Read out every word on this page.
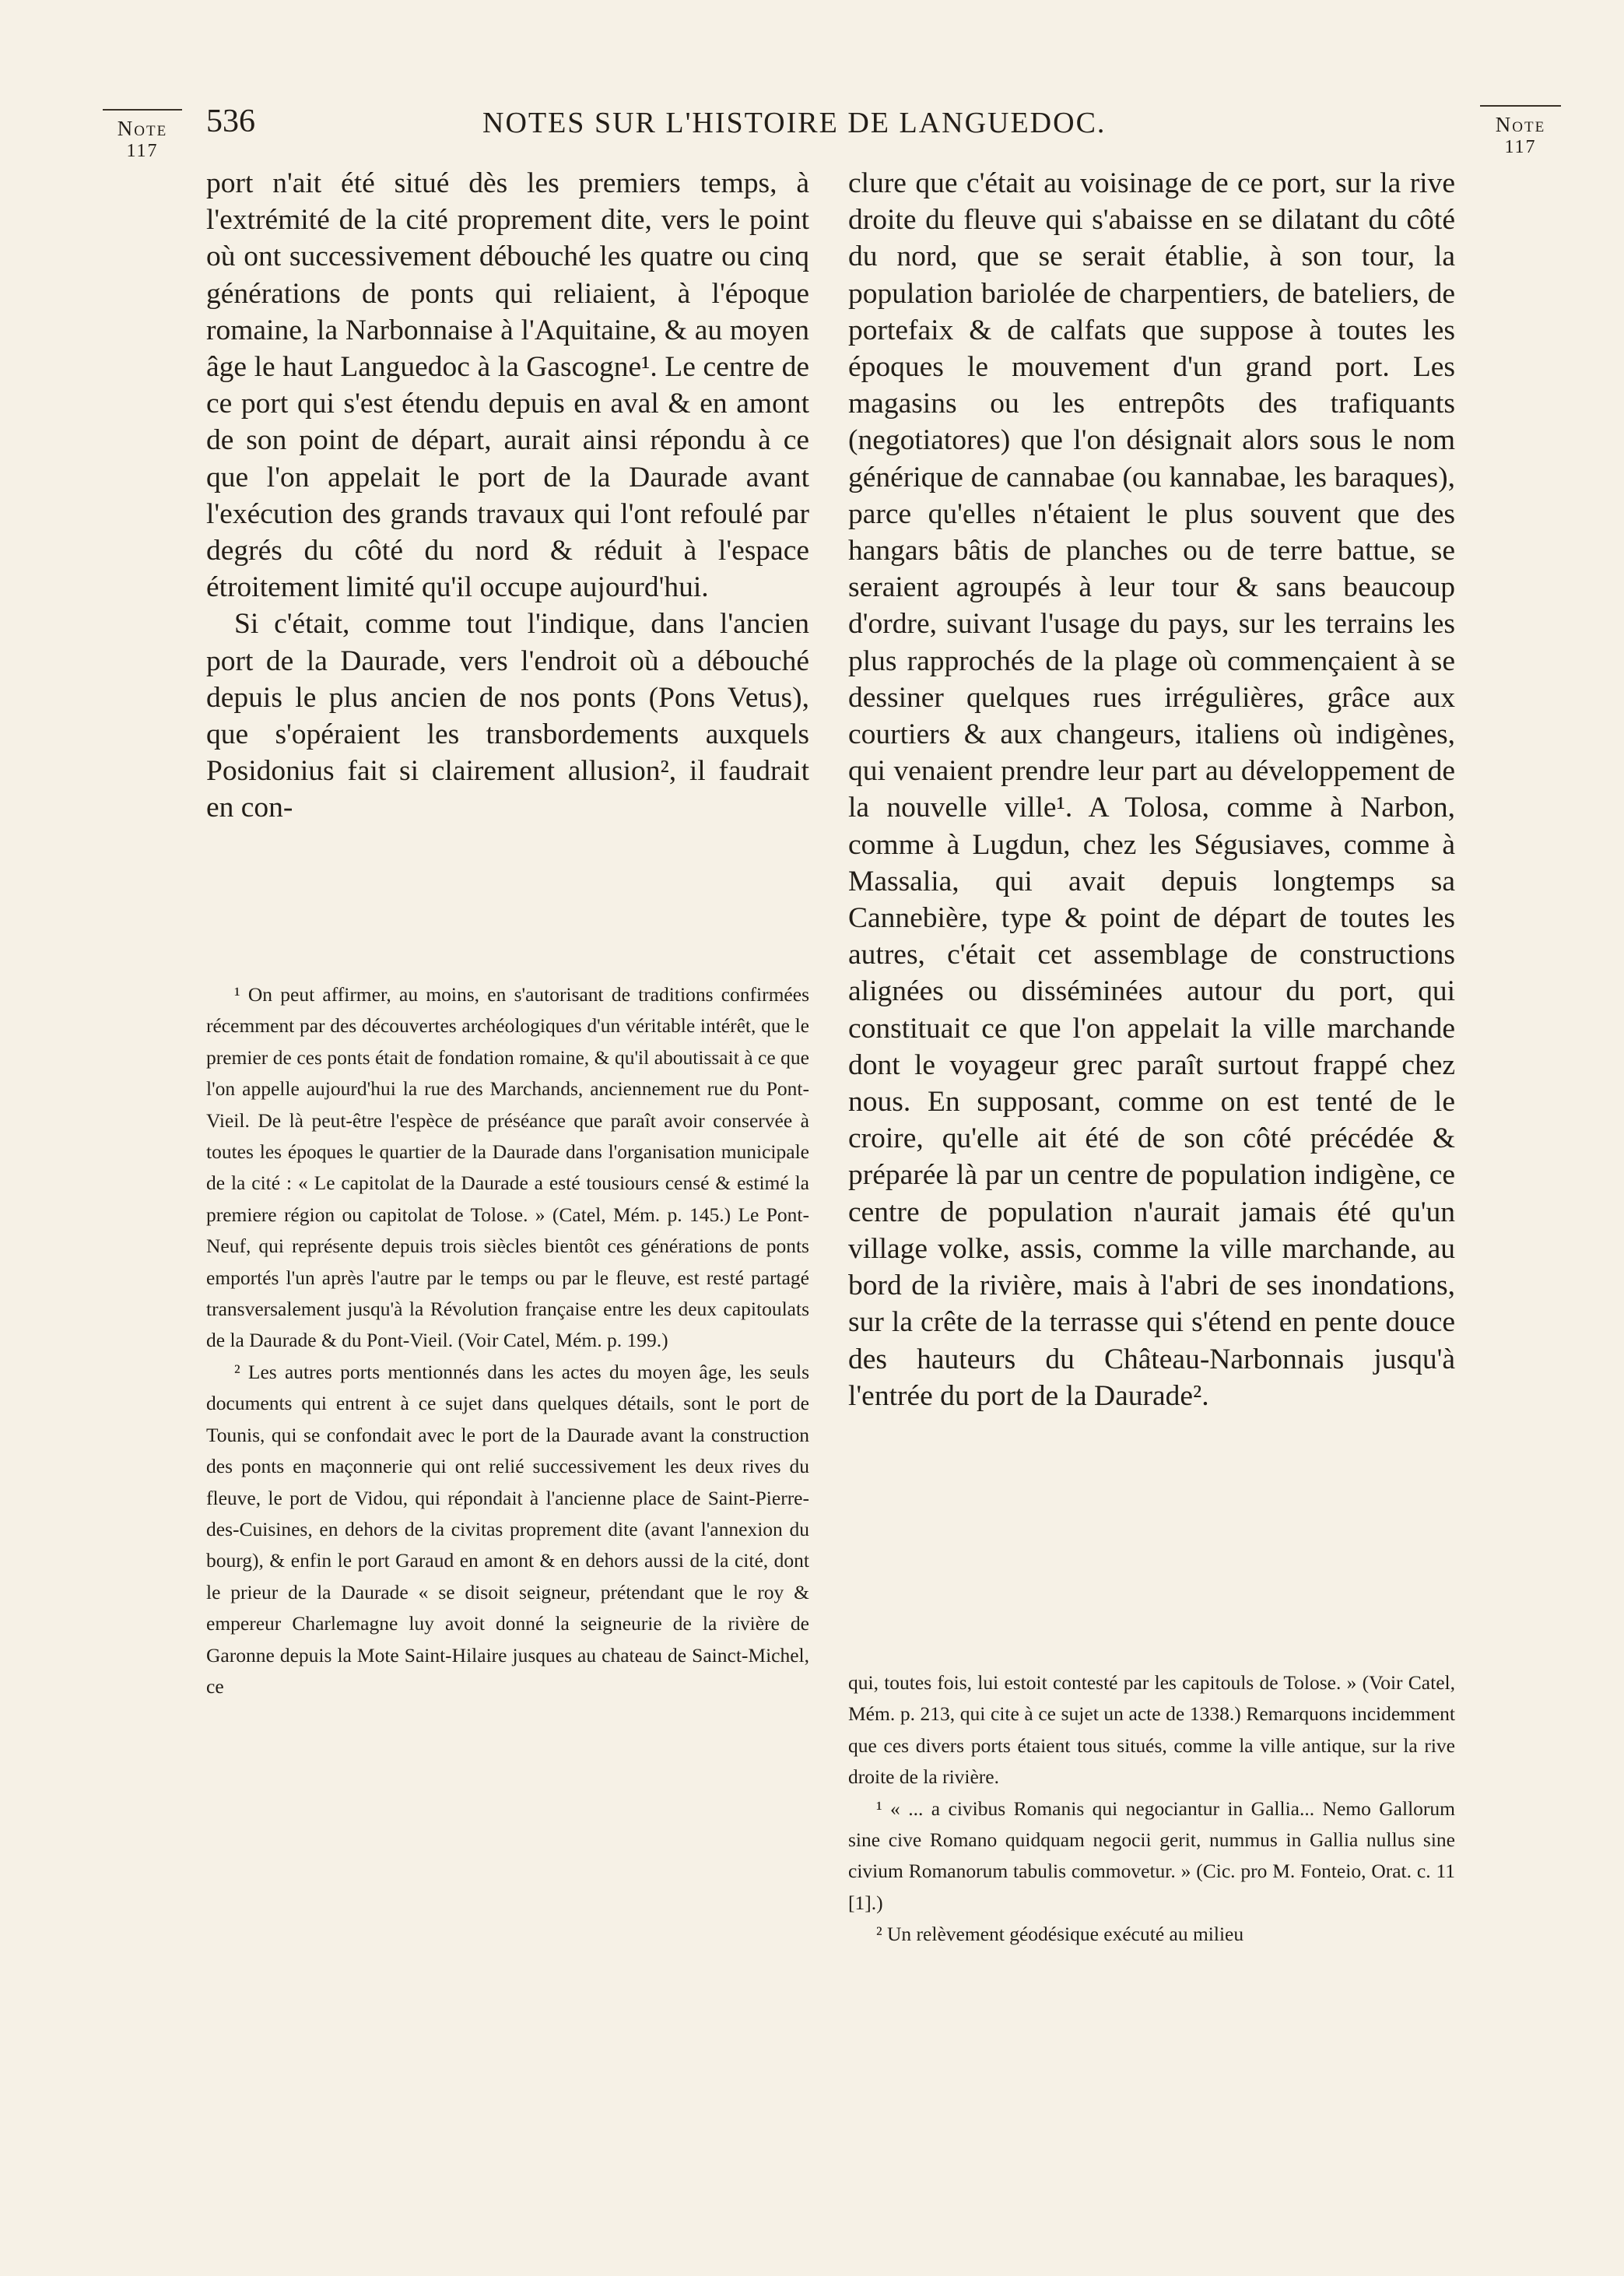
Note
117
Note
117
536	NOTES SUR L'HISTOIRE DE LANGUEDOC.

port n'ait été situé dès les premiers temps, à l'extrémité de la cité proprement dite, vers le point où ont successivement débouché les quatre ou cinq générations de ponts qui reliaient, à l'époque romaine, la Narbonnaise à l'Aquitaine, & au moyen âge le haut Languedoc à la Gascogne¹. Le centre de ce port qui s'est étendu depuis en aval & en amont de son point de départ, aurait ainsi répondu à ce que l'on appelait le port de la Daurade avant l'exécution des grands travaux qui l'ont refoulé par degrés du côté du nord & réduit à l'espace étroitement limité qu'il occupe aujourd'hui.

Si c'était, comme tout l'indique, dans l'ancien port de la Daurade, vers l'endroit où a débouché depuis le plus ancien de nos ponts (Pons Vetus), que s'opéraient les transbordements auxquels Posidonius fait si clairement allusion², il faudrait en con-

¹ On peut affirmer, au moins, en s'autorisant de traditions confirmées récemment par des découvertes archéologiques d'un véritable intérêt, que le premier de ces ponts était de fondation romaine, & qu'il aboutissait à ce que l'on appelle aujourd'hui la rue des Marchands, anciennement rue du Pont-Vieil. De là peut-être l'espèce de préséance que paraît avoir conservée à toutes les époques le quartier de la Daurade dans l'organisation municipale de la cité : « Le capitolat de la Daurade a esté tousiours censé & estimé la premiere région ou capitolat de Tolose. » (Catel, Mém. p. 145.) Le Pont-Neuf, qui représente depuis trois siècles bientôt ces générations de ponts emportés l'un après l'autre par le temps ou par le fleuve, est resté partagé transversalement jusqu'à la Révolution française entre les deux capitoulats de la Daurade & du Pont-Vieil. (Voir Catel, Mém. p. 199.)

² Les autres ports mentionnés dans les actes du moyen âge, les seuls documents qui entrent à ce sujet dans quelques détails, sont le port de Tounis, qui se confondait avec le port de la Daurade avant la construction des ponts en maçonnerie qui ont relié successivement les deux rives du fleuve, le port de Vidou, qui répondait à l'ancienne place de Saint-Pierre-des-Cuisines, en dehors de la civitas proprement dite (avant l'annexion du bourg), & enfin le port Garaud en amont & en dehors aussi de la cité, dont le prieur de la Daurade « se disoit seigneur, prétendant que le roy & empereur Charlemagne luy avoit donné la seigneurie de la rivière de Garonne depuis la Mote Saint-Hilaire jusques au chateau de Sainct-Michel, ce

clure que c'était au voisinage de ce port, sur la rive droite du fleuve qui s'abaisse en se dilatant du côté du nord, que se serait établie, à son tour, la population bariolée de charpentiers, de bateliers, de portefaix & de calfats que suppose à toutes les époques le mouvement d'un grand port. Les magasins ou les entrepôts des trafiquants (negotiatores) que l'on désignait alors sous le nom générique de cannabae (ou kannabae, les baraques), parce qu'elles n'étaient le plus souvent que des hangars bâtis de planches ou de terre battue, se seraient agroupés à leur tour & sans beaucoup d'ordre, suivant l'usage du pays, sur les terrains les plus rapprochés de la plage où commençaient à se dessiner quelques rues irrégulières, grâce aux courtiers & aux changeurs, italiens où indigènes, qui venaient prendre leur part au développement de la nouvelle ville¹. A Tolosa, comme à Narbon, comme à Lugdun, chez les Ségusiaves, comme à Massalia, qui avait depuis longtemps sa Cannebière, type & point de départ de toutes les autres, c'était cet assemblage de constructions alignées ou disséminées autour du port, qui constituait ce que l'on appelait la ville marchande dont le voyageur grec paraît surtout frappé chez nous. En supposant, comme on est tenté de le croire, qu'elle ait été de son côté précédée & préparée là par un centre de population indigène, ce centre de population n'aurait jamais été qu'un village volke, assis, comme la ville marchande, au bord de la rivière, mais à l'abri de ses inondations, sur la crête de la terrasse qui s'étend en pente douce des hauteurs du Château-Narbonnais jusqu'à l'entrée du port de la Daurade².

qui, toutes fois, lui estoit contesté par les capitouls de Tolose. » (Voir Catel, Mém. p. 213, qui cite à ce sujet un acte de 1338.) Remarquons incidemment que ces divers ports étaient tous situés, comme la ville antique, sur la rive droite de la rivière.

¹ « ... a civibus Romanis qui negociantur in Gallia... Nemo Gallorum sine cive Romano quidquam negocii gerit, nummus in Gallia nullus sine civium Romanorum tabulis commovetur. » (Cic. pro M. Fonteio, Orat. c. 11 [1].)

² Un relèvement géodésique exécuté au milieu
